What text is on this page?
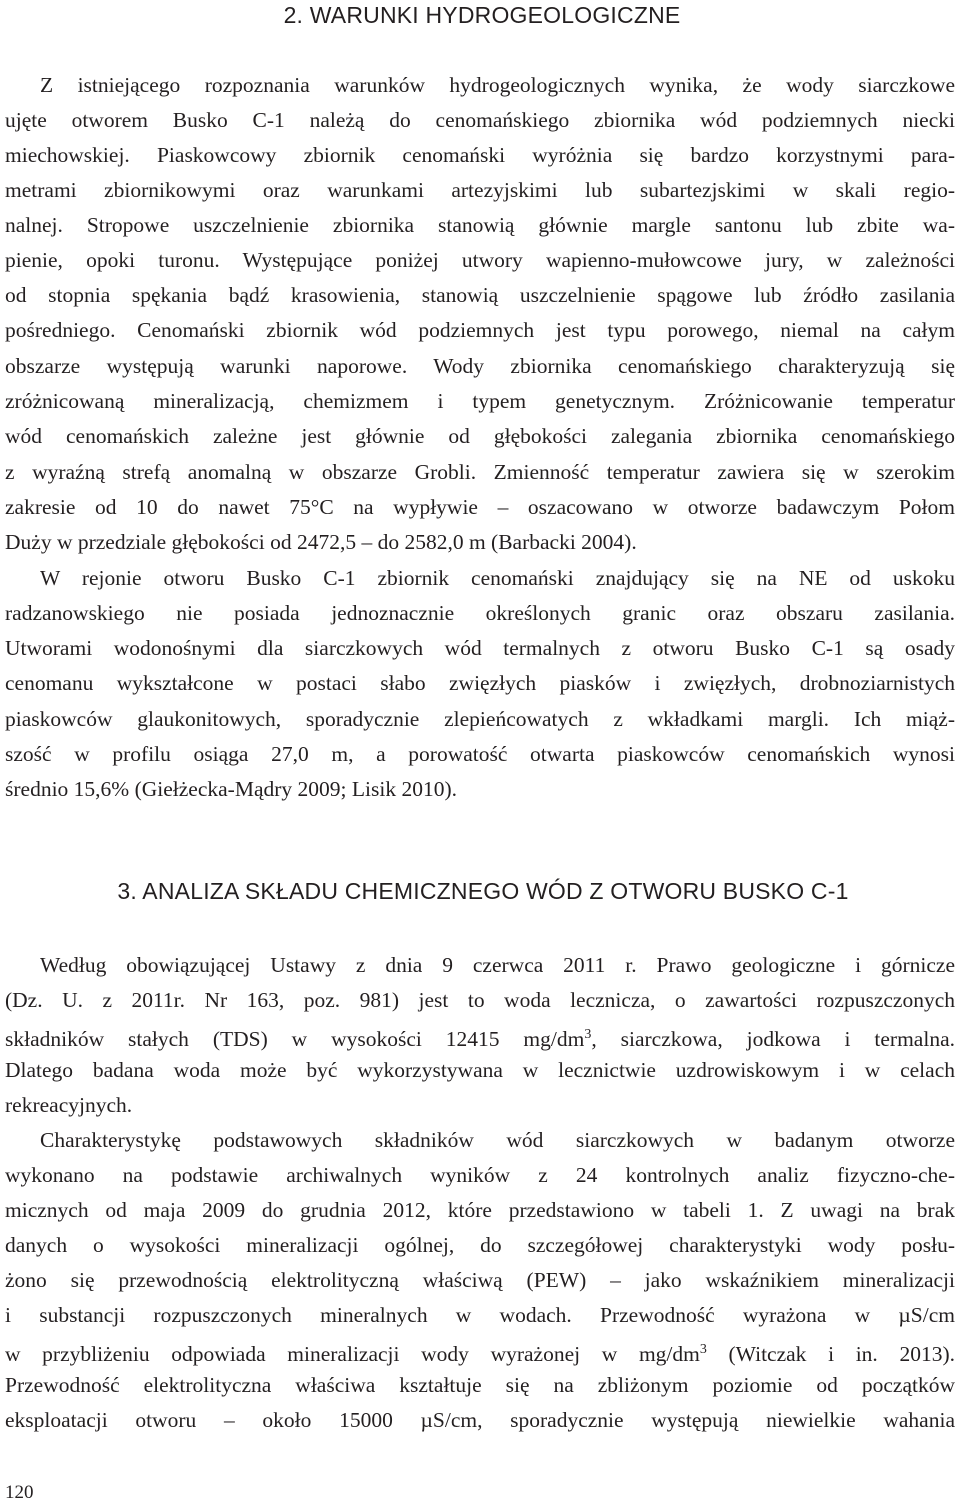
2. WARUNKI HYDROGEOLOGICZNE
Z istniejącego rozpoznania warunków hydrogeologicznych wynika, że wody siarczkowe
ujęte otworem Busko C-1 należą do cenomańskiego zbiornika wód podziemnych niecki
miechowskiej. Piaskowcowy zbiornik cenomański wyróżnia się bardzo korzystnymi para-
metrami zbiornikowymi oraz warunkami artezyjskimi lub subartezjskimi w skali regio-
nalnej. Stropowe uszczelnienie zbiornika stanowią głównie margle santonu lub zbite wa-
pienie, opoki turonu. Występujące poniżej utwory wapienno-mułowcowe jury, w zależności
od stopnia spękania bądź krasowienia, stanowią uszczelnienie spągowe lub źródło zasilania
pośredniego. Cenomański zbiornik wód podziemnych jest typu porowego, niemal na całym
obszarze występują warunki naporowe. Wody zbiornika cenomańskiego charakteryzują się
zróżnicowaną mineralizacją, chemizmem i typem genetycznym. Zróżnicowanie temperatur
wód cenomańskich zależne jest głównie od głębokości zalegania zbiornika cenomańskiego
z wyraźną strefą anomalną w obszarze Grobli. Zmienność temperatur zawiera się w szerokim
zakresie od 10 do nawet 75°C na wypływie – oszacowano w otworze badawczym Połom
Duży w przedziale głębokości od 2472,5 – do 2582,0 m (Barbacki 2004).
W rejonie otworu Busko C-1 zbiornik cenomański znajdujący się na NE od uskoku
radzanowskiego nie posiada jednoznacznie określonych granic oraz obszaru zasilania.
Utworami wodonośnymi dla siarczkowych wód termalnych z otworu Busko C-1 są osady
cenomanu wykształcone w postaci słabo zwięzłych piasków i zwięzłych, drobnoziarnistych
piaskowców glaukonitowych, sporadycznie zlepieńcowatych z wkładkami margli. Ich miąż-
szość w profilu osiąga 27,0 m, a porowatość otwarta piaskowców cenomańskich wynosi
średnio 15,6% (Giełżecka-Mądry 2009; Lisik 2010).
3. ANALIZA SKŁADU CHEMICZNEGO WÓD Z OTWORU BUSKO C-1
Według obowiązującej Ustawy z dnia 9 czerwca 2011 r. Prawo geologiczne i górnicze
(Dz. U. z 2011r. Nr 163, poz. 981) jest to woda lecznicza, o zawartości rozpuszczonych
składników stałych (TDS) w wysokości 12415 $mg/dm^3$, siarczkowa, jodkowa i termalna.
Dlatego badana woda może być wykorzystywana w lecznictwie uzdrowiskowym i w celach
rekreacyjnych.
Charakterystykę podstawowych składników wód siarczkowych w badanym otworze
wykonano na podstawie archiwalnych wyników z 24 kontrolnych analiz fizyczno-che-
micznych od maja 2009 do grudnia 2012, które przedstawiono w tabeli 1. Z uwagi na brak
danych o wysokości mineralizacji ogólnej, do szczegółowej charakterystyki wody posłu-
żono się przewodnością elektrolityczną właściwą (PEW) – jako wskaźnikiem mineralizacji
i substancji rozpuszczonych mineralnych w wodach. Przewodność wyrażona w µS/cm
w przybliżeniu odpowiada mineralizacji wody wyrażonej w $mg/dm^3$ (Witczak i in. 2013).
Przewodność elektrolityczna właściwa kształtuje się na zbliżonym poziomie od początków
eksploatacji otworu – około 15000 µS/cm, sporadycznie występują niewielkie wahania
120
